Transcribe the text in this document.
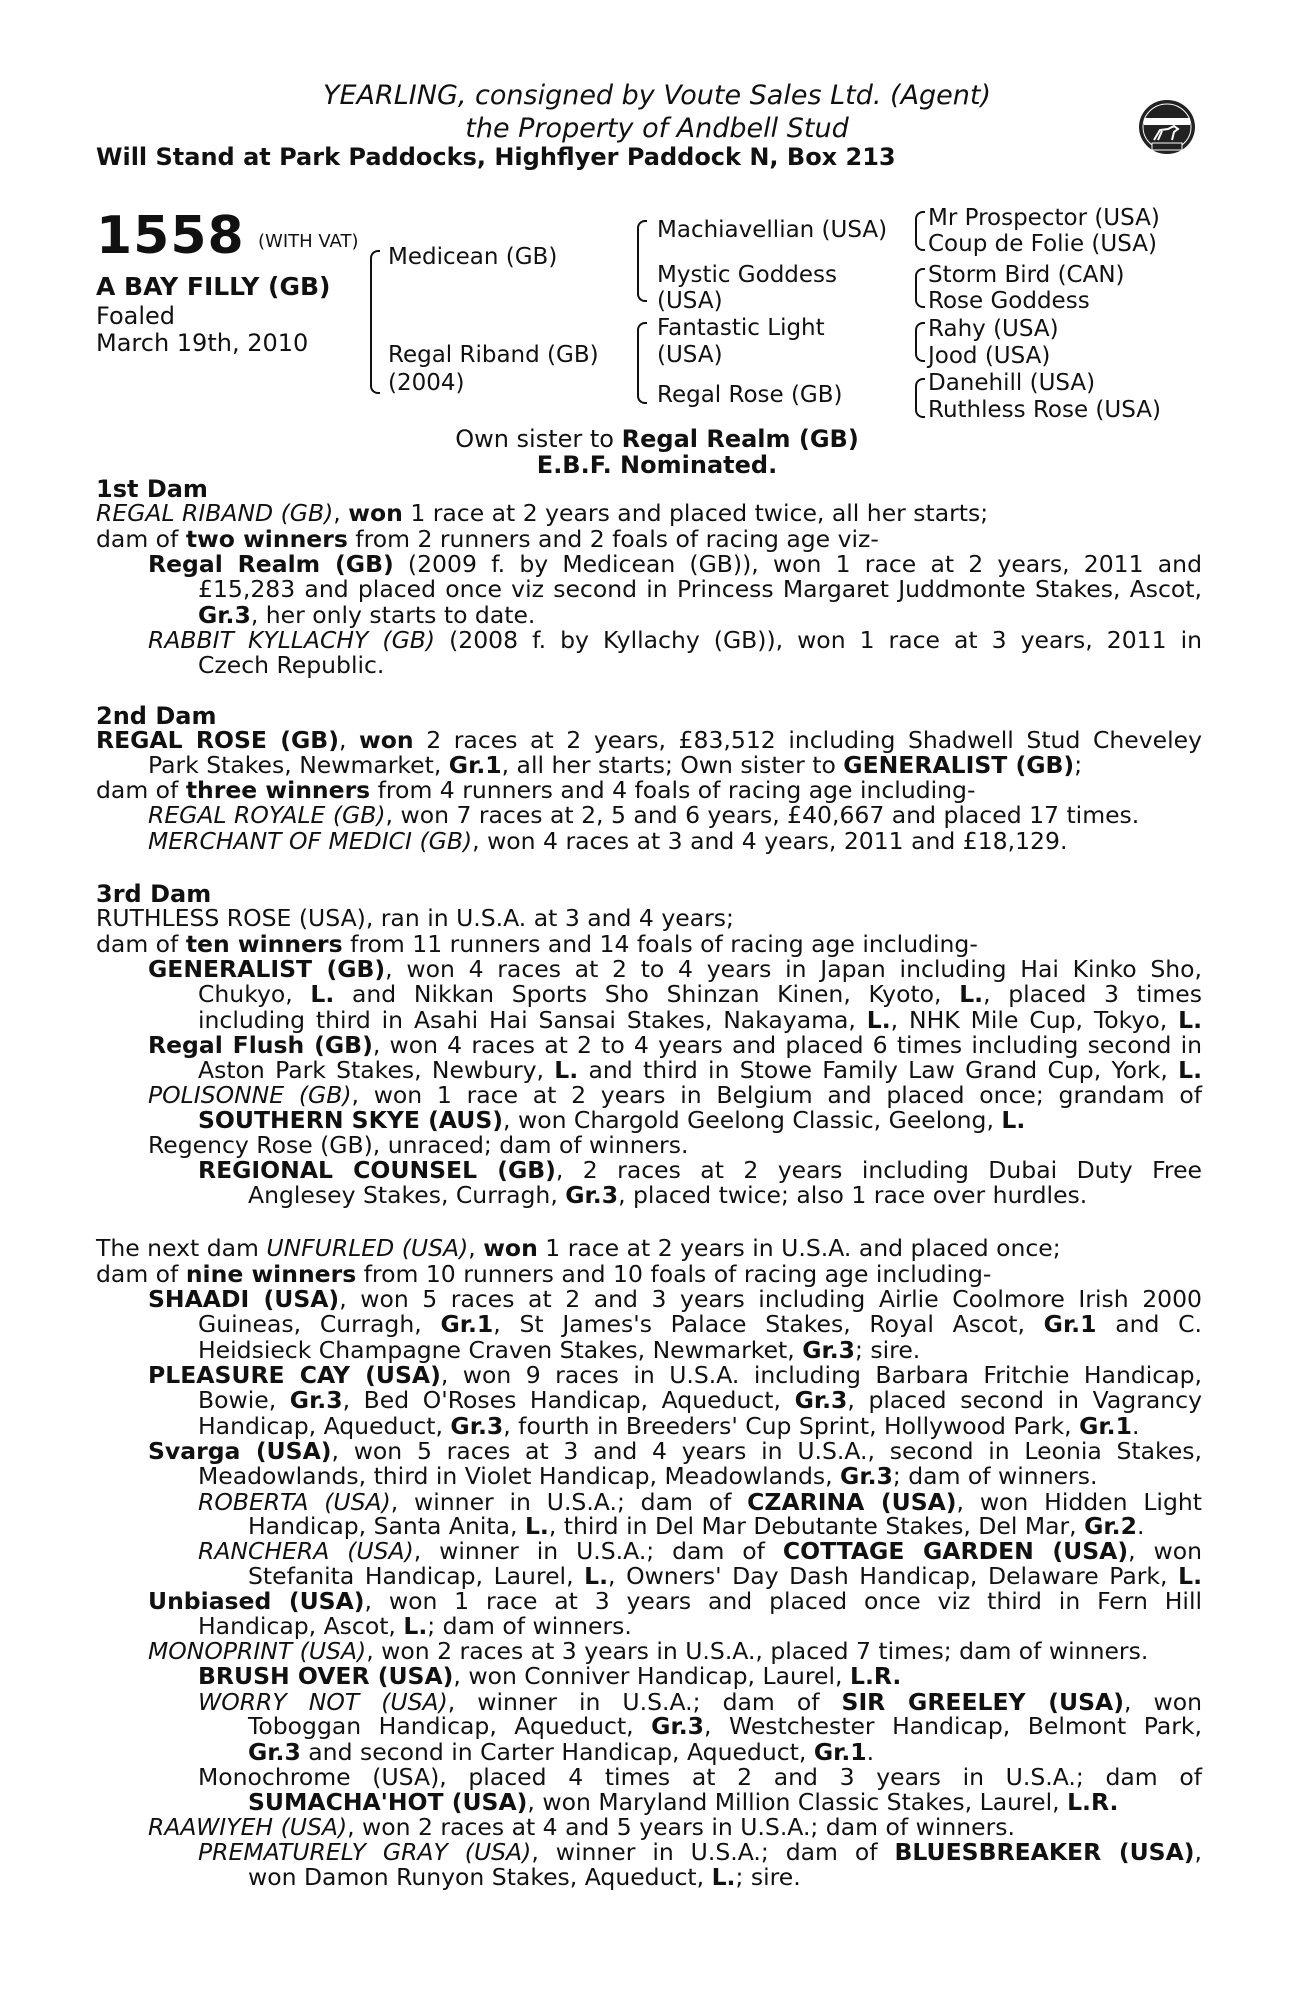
YEARLING, consigned by Voute Sales Ltd. (Agent)
the Property of Andbell Stud
Will Stand at Park Paddocks, Highflyer Paddock N, Box 213
1558 (WITH VAT)
A BAY FILLY (GB)
Foaled
March 19th, 2010
Medicean (GB)
Regal Riband (GB)
(2004)
Machiavellian (USA)
Mystic Goddess
(USA)
Fantastic Light
(USA)
Regal Rose (GB)
Mr Prospector (USA)
Coup de Folie (USA)
Storm Bird (CAN)
Rose Goddess
Rahy (USA)
Jood (USA)
Danehill (USA)
Ruthless Rose (USA)
Own sister to Regal Realm (GB)
E.B.F. Nominated.
1st Dam
REGAL RIBAND (GB), won 1 race at 2 years and placed twice, all her starts;
dam of two winners from 2 runners and 2 foals of racing age viz-
Regal Realm (GB) (2009 f. by Medicean (GB)), won 1 race at 2 years, 2011 and
£15,283 and placed once viz second in Princess Margaret Juddmonte Stakes, Ascot,
Gr.3, her only starts to date.
RABBIT KYLLACHY (GB) (2008 f. by Kyllachy (GB)), won 1 race at 3 years, 2011 in
Czech Republic.
2nd Dam
REGAL ROSE (GB), won 2 races at 2 years, £83,512 including Shadwell Stud Cheveley
Park Stakes, Newmarket, Gr.1, all her starts; Own sister to GENERALIST (GB);
dam of three winners from 4 runners and 4 foals of racing age including-
REGAL ROYALE (GB), won 7 races at 2, 5 and 6 years, £40,667 and placed 17 times.
MERCHANT OF MEDICI (GB), won 4 races at 3 and 4 years, 2011 and £18,129.
3rd Dam
RUTHLESS ROSE (USA), ran in U.S.A. at 3 and 4 years;
dam of ten winners from 11 runners and 14 foals of racing age including-
GENERALIST (GB), won 4 races at 2 to 4 years in Japan including Hai Kinko Sho,
Chukyo, L. and Nikkan Sports Sho Shinzan Kinen, Kyoto, L., placed 3 times
including third in Asahi Hai Sansai Stakes, Nakayama, L., NHK Mile Cup, Tokyo, L.
Regal Flush (GB), won 4 races at 2 to 4 years and placed 6 times including second in
Aston Park Stakes, Newbury, L. and third in Stowe Family Law Grand Cup, York, L.
POLISONNE (GB), won 1 race at 2 years in Belgium and placed once; grandam of
SOUTHERN SKYE (AUS), won Chargold Geelong Classic, Geelong, L.
Regency Rose (GB), unraced; dam of winners.
REGIONAL COUNSEL (GB), 2 races at 2 years including Dubai Duty Free
Anglesey Stakes, Curragh, Gr.3, placed twice; also 1 race over hurdles.
The next dam UNFURLED (USA), won 1 race at 2 years in U.S.A. and placed once;
dam of nine winners from 10 runners and 10 foals of racing age including-
SHAADI (USA), won 5 races at 2 and 3 years including Airlie Coolmore Irish 2000
Guineas, Curragh, Gr.1, St James's Palace Stakes, Royal Ascot, Gr.1 and C.
Heidsieck Champagne Craven Stakes, Newmarket, Gr.3; sire.
PLEASURE CAY (USA), won 9 races in U.S.A. including Barbara Fritchie Handicap,
Bowie, Gr.3, Bed O'Roses Handicap, Aqueduct, Gr.3, placed second in Vagrancy
Handicap, Aqueduct, Gr.3, fourth in Breeders' Cup Sprint, Hollywood Park, Gr.1.
Svarga (USA), won 5 races at 3 and 4 years in U.S.A., second in Leonia Stakes,
Meadowlands, third in Violet Handicap, Meadowlands, Gr.3; dam of winners.
ROBERTA (USA), winner in U.S.A.; dam of CZARINA (USA), won Hidden Light
Handicap, Santa Anita, L., third in Del Mar Debutante Stakes, Del Mar, Gr.2.
RANCHERA (USA), winner in U.S.A.; dam of COTTAGE GARDEN (USA), won
Stefanita Handicap, Laurel, L., Owners' Day Dash Handicap, Delaware Park, L.
Unbiased (USA), won 1 race at 3 years and placed once viz third in Fern Hill
Handicap, Ascot, L.; dam of winners.
MONOPRINT (USA), won 2 races at 3 years in U.S.A., placed 7 times; dam of winners.
BRUSH OVER (USA), won Conniver Handicap, Laurel, L.R.
WORRY NOT (USA), winner in U.S.A.; dam of SIR GREELEY (USA), won
Toboggan Handicap, Aqueduct, Gr.3, Westchester Handicap, Belmont Park,
Gr.3 and second in Carter Handicap, Aqueduct, Gr.1.
Monochrome (USA), placed 4 times at 2 and 3 years in U.S.A.; dam of
SUMACHA'HOT (USA), won Maryland Million Classic Stakes, Laurel, L.R.
RAAWIYEH (USA), won 2 races at 4 and 5 years in U.S.A.; dam of winners.
PREMATURELY GRAY (USA), winner in U.S.A.; dam of BLUESBREAKER (USA),
won Damon Runyon Stakes, Aqueduct, L.; sire.
